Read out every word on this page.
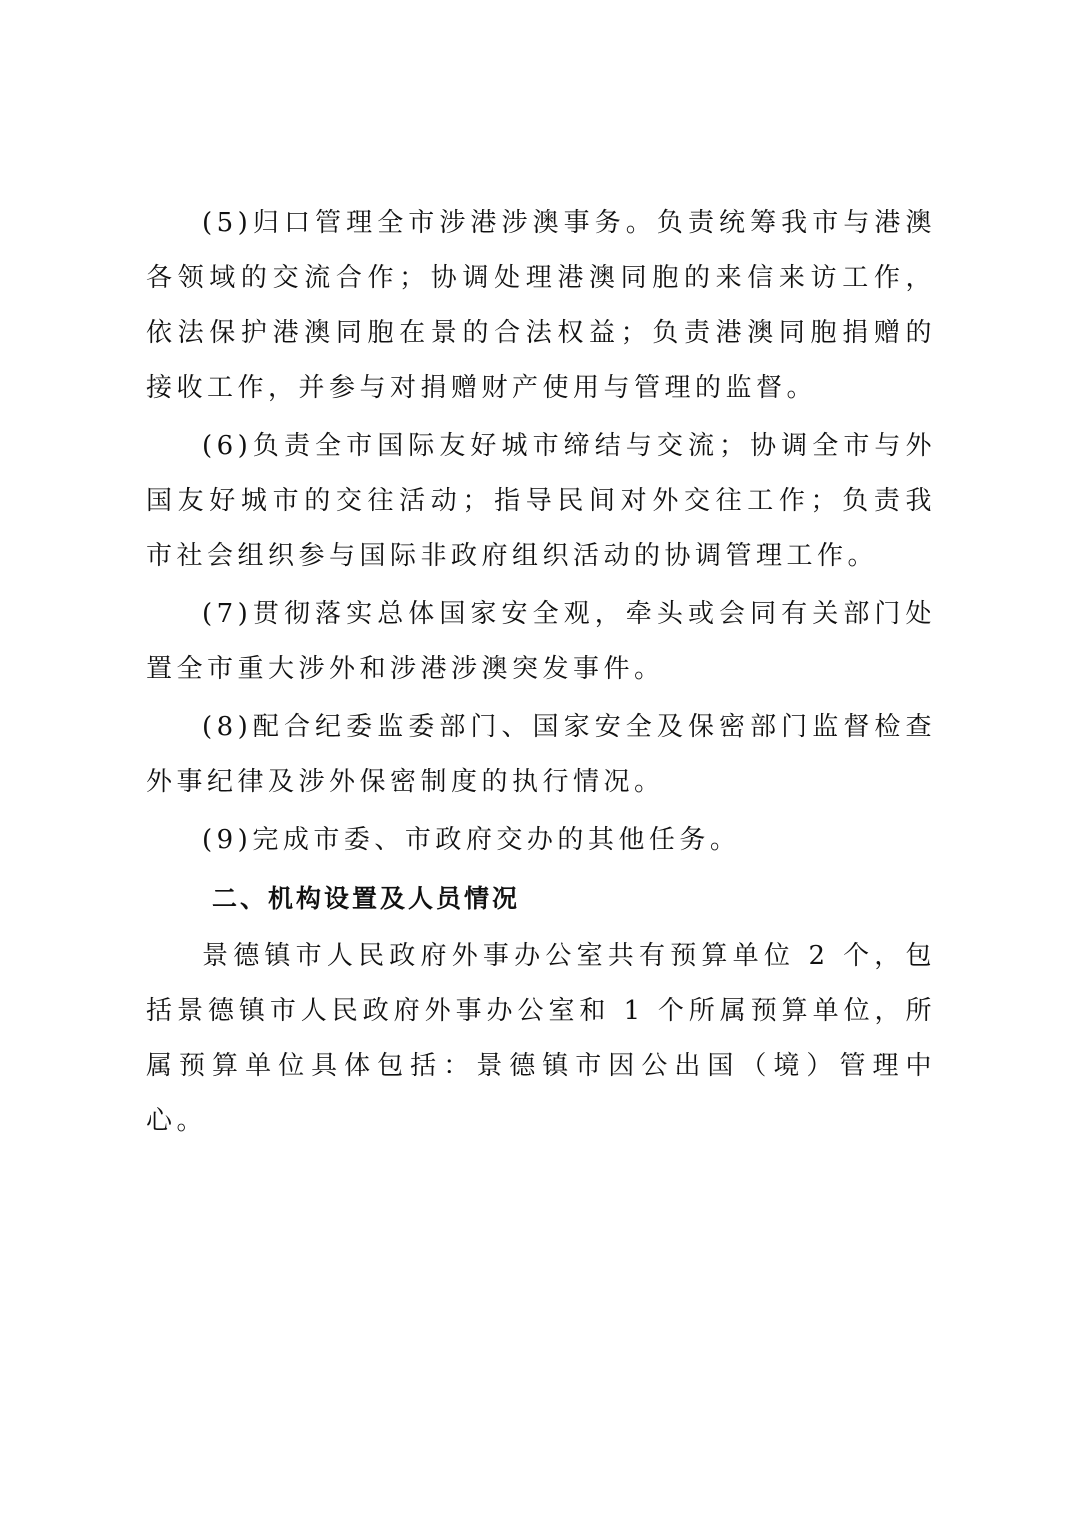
(5)归口管理全市涉港涉澳事务。负责统筹我市与港澳各领域的交流合作；协调处理港澳同胞的来信来访工作，依法保护港澳同胞在景的合法权益；负责港澳同胞捐赠的接收工作，并参与对捐赠财产使用与管理的监督。

(6)负责全市国际友好城市缔结与交流；协调全市与外国友好城市的交往活动；指导民间对外交往工作；负责我市社会组织参与国际非政府组织活动的协调管理工作。

(7)贯彻落实总体国家安全观，牵头或会同有关部门处置全市重大涉外和涉港涉澳突发事件。

(8)配合纪委监委部门、国家安全及保密部门监督检查外事纪律及涉外保密制度的执行情况。

(9)完成市委、市政府交办的其他任务。

二、机构设置及人员情况

景德镇市人民政府外事办公室共有预算单位 2 个，包括景德镇市人民政府外事办公室和 1 个所属预算单位，所属预算单位具体包括：景德镇市因公出国（境）管理中心。
